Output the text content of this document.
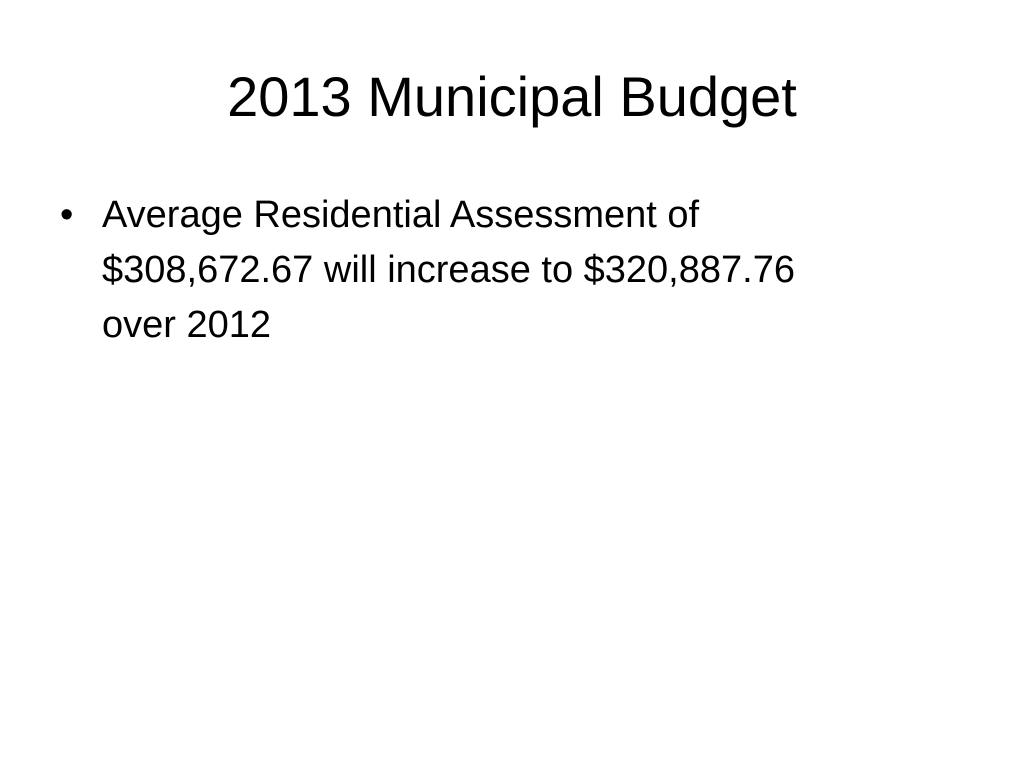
2013 Municipal Budget
• Average Residential Assessment of
$308,672.67 will increase to $320,887.76
over 2012
